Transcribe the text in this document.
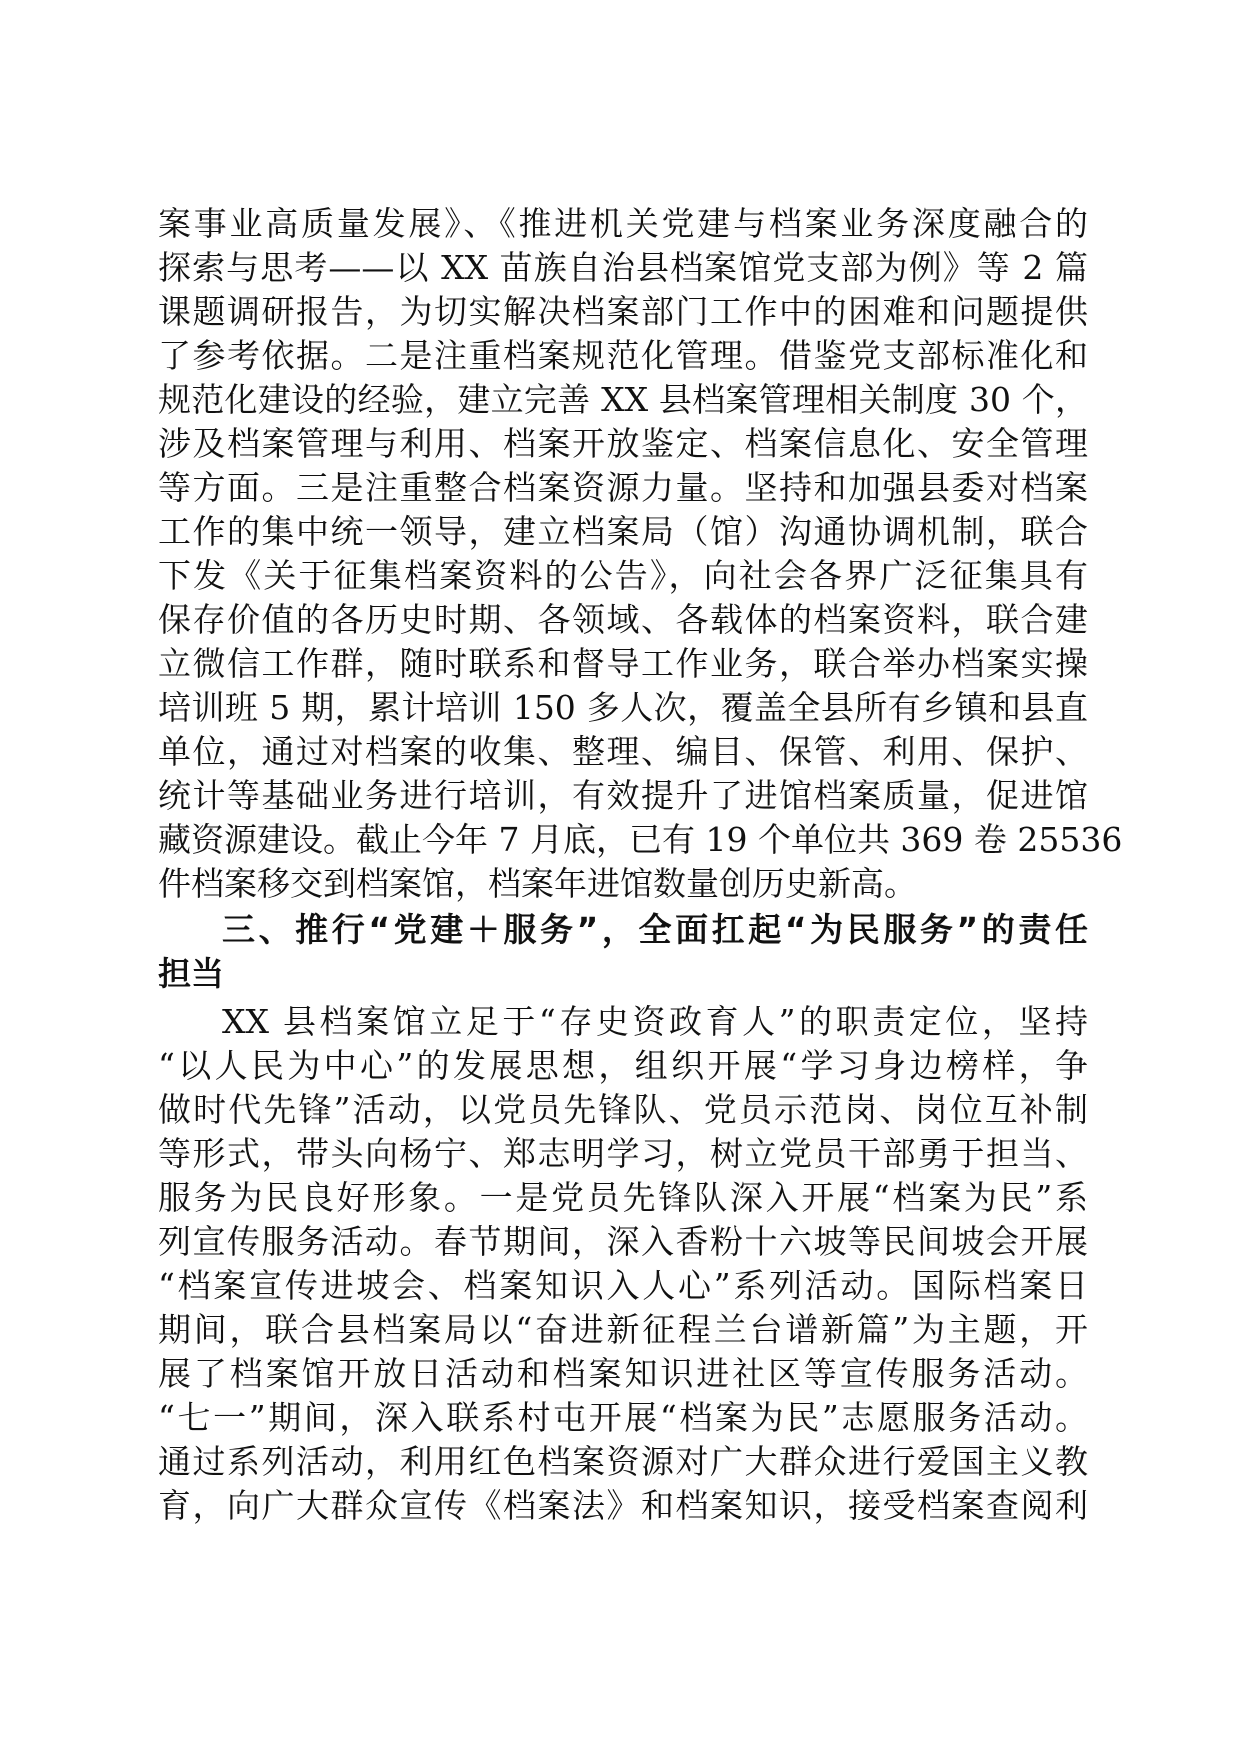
案事业高质量发展》、《推进机关党建与档案业务深度融合的
探索与思考——以 XX 苗族自治县档案馆党支部为例》等 2 篇
课题调研报告，为切实解决档案部门工作中的困难和问题提供
了参考依据。二是注重档案规范化管理。借鉴党支部标准化和
规范化建设的经验，建立完善 XX 县档案管理相关制度 30 个，
涉及档案管理与利用、档案开放鉴定、档案信息化、安全管理
等方面。三是注重整合档案资源力量。坚持和加强县委对档案
工作的集中统一领导，建立档案局（馆）沟通协调机制，联合
下发《关于征集档案资料的公告》，向社会各界广泛征集具有
保存价值的各历史时期、各领域、各载体的档案资料，联合建
立微信工作群，随时联系和督导工作业务，联合举办档案实操
培训班 5 期，累计培训 150 多人次，覆盖全县所有乡镇和县直
单位，通过对档案的收集、整理、编目、保管、利用、保护、
统计等基础业务进行培训，有效提升了进馆档案质量，促进馆
藏资源建设。截止今年 7 月底，已有 19 个单位共 369 卷 25536
件档案移交到档案馆，档案年进馆数量创历史新高。
三、推行“党建＋服务”，全面扛起“为民服务”的责任
担当
XX 县档案馆立足于“存史资政育人”的职责定位，坚持
“以人民为中心”的发展思想，组织开展“学习身边榜样，争
做时代先锋”活动，以党员先锋队、党员示范岗、岗位互补制
等形式，带头向杨宁、郑志明学习，树立党员干部勇于担当、
服务为民良好形象。一是党员先锋队深入开展“档案为民”系
列宣传服务活动。春节期间，深入香粉十六坡等民间坡会开展
“档案宣传进坡会、档案知识入人心”系列活动。国际档案日
期间，联合县档案局以“奋进新征程兰台谱新篇”为主题，开
展了档案馆开放日活动和档案知识进社区等宣传服务活动。
“七一”期间，深入联系村屯开展“档案为民”志愿服务活动。
通过系列活动，利用红色档案资源对广大群众进行爱国主义教
育，向广大群众宣传《档案法》和档案知识，接受档案查阅利
